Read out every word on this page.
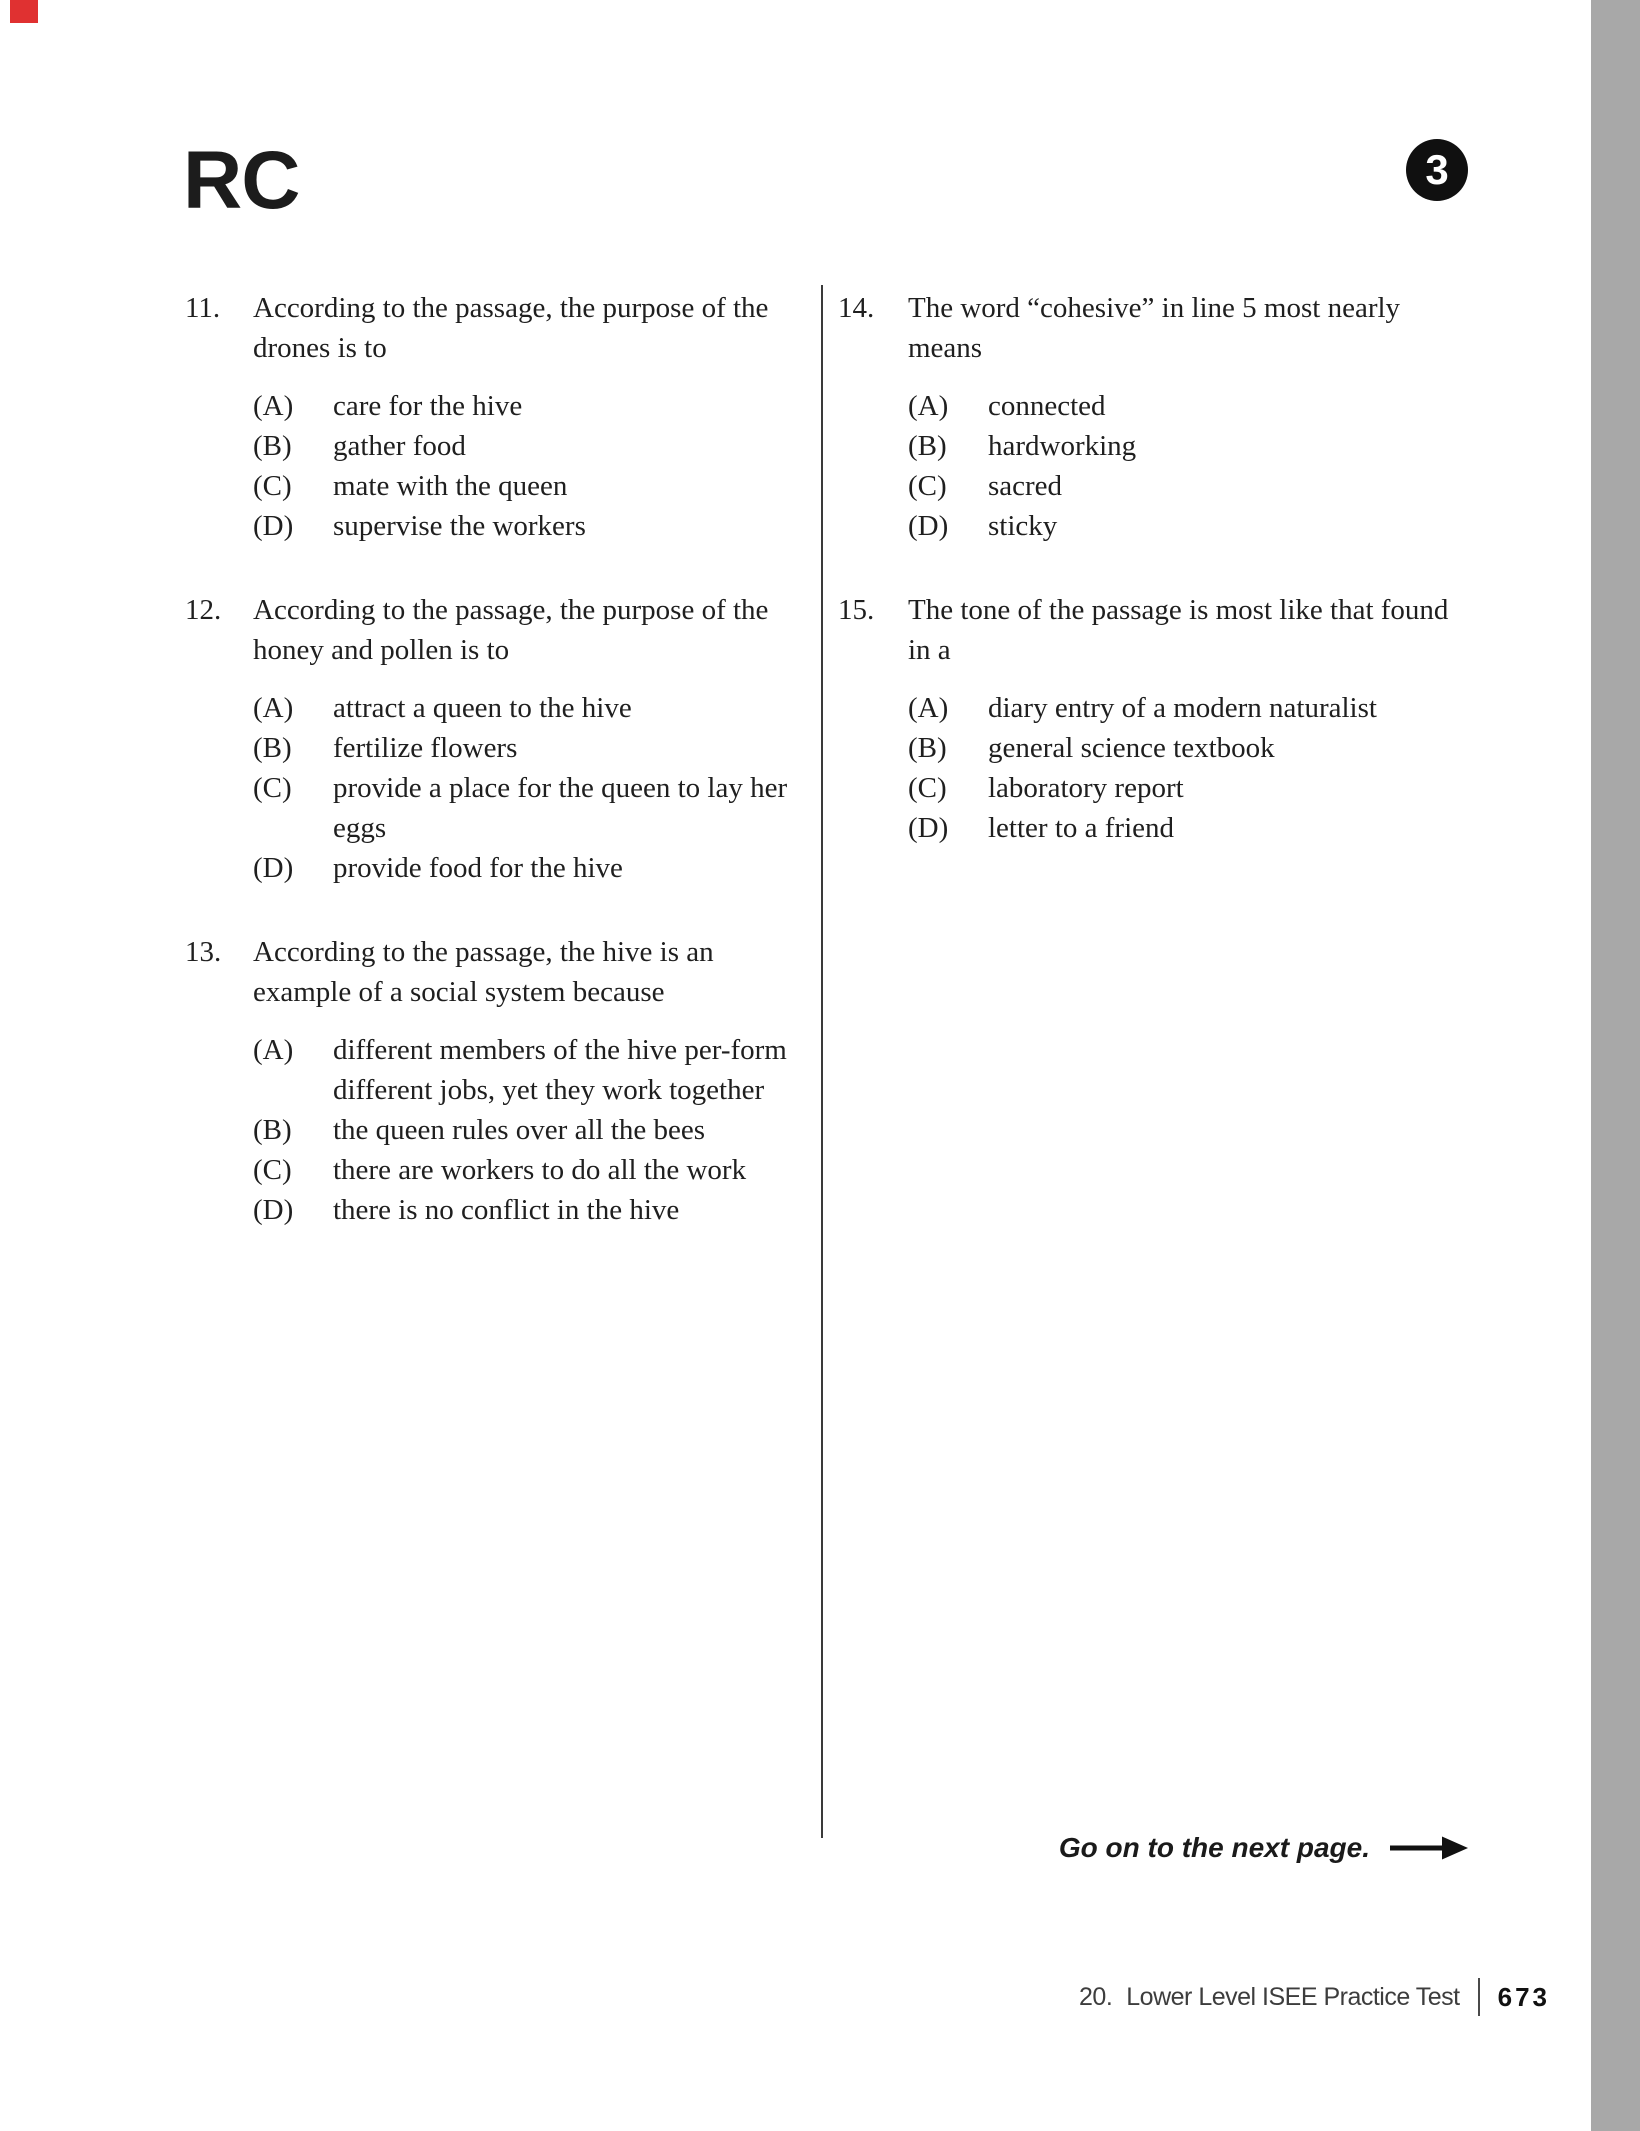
RC	3
11.	According to the passage, the purpose of the drones is to
(A)	care for the hive
(B)	gather food
(C)	mate with the queen
(D)	supervise the workers
12.	According to the passage, the purpose of the honey and pollen is to
(A)	attract a queen to the hive
(B)	fertilize flowers
(C)	provide a place for the queen to lay her eggs
(D)	provide food for the hive
13.	According to the passage, the hive is an example of a social system because
(A)	different members of the hive per-form different jobs, yet they work together
(B)	the queen rules over all the bees
(C)	there are workers to do all the work
(D)	there is no conflict in the hive
14.	The word “cohesive” in line 5 most nearly means
(A)	connected
(B)	hardworking
(C)	sacred
(D)	sticky
15.	The tone of the passage is most like that found in a
(A)	diary entry of a modern naturalist
(B)	general science textbook
(C)	laboratory report
(D)	letter to a friend
Go on to the next page.
20. Lower Level ISEE Practice Test 673
